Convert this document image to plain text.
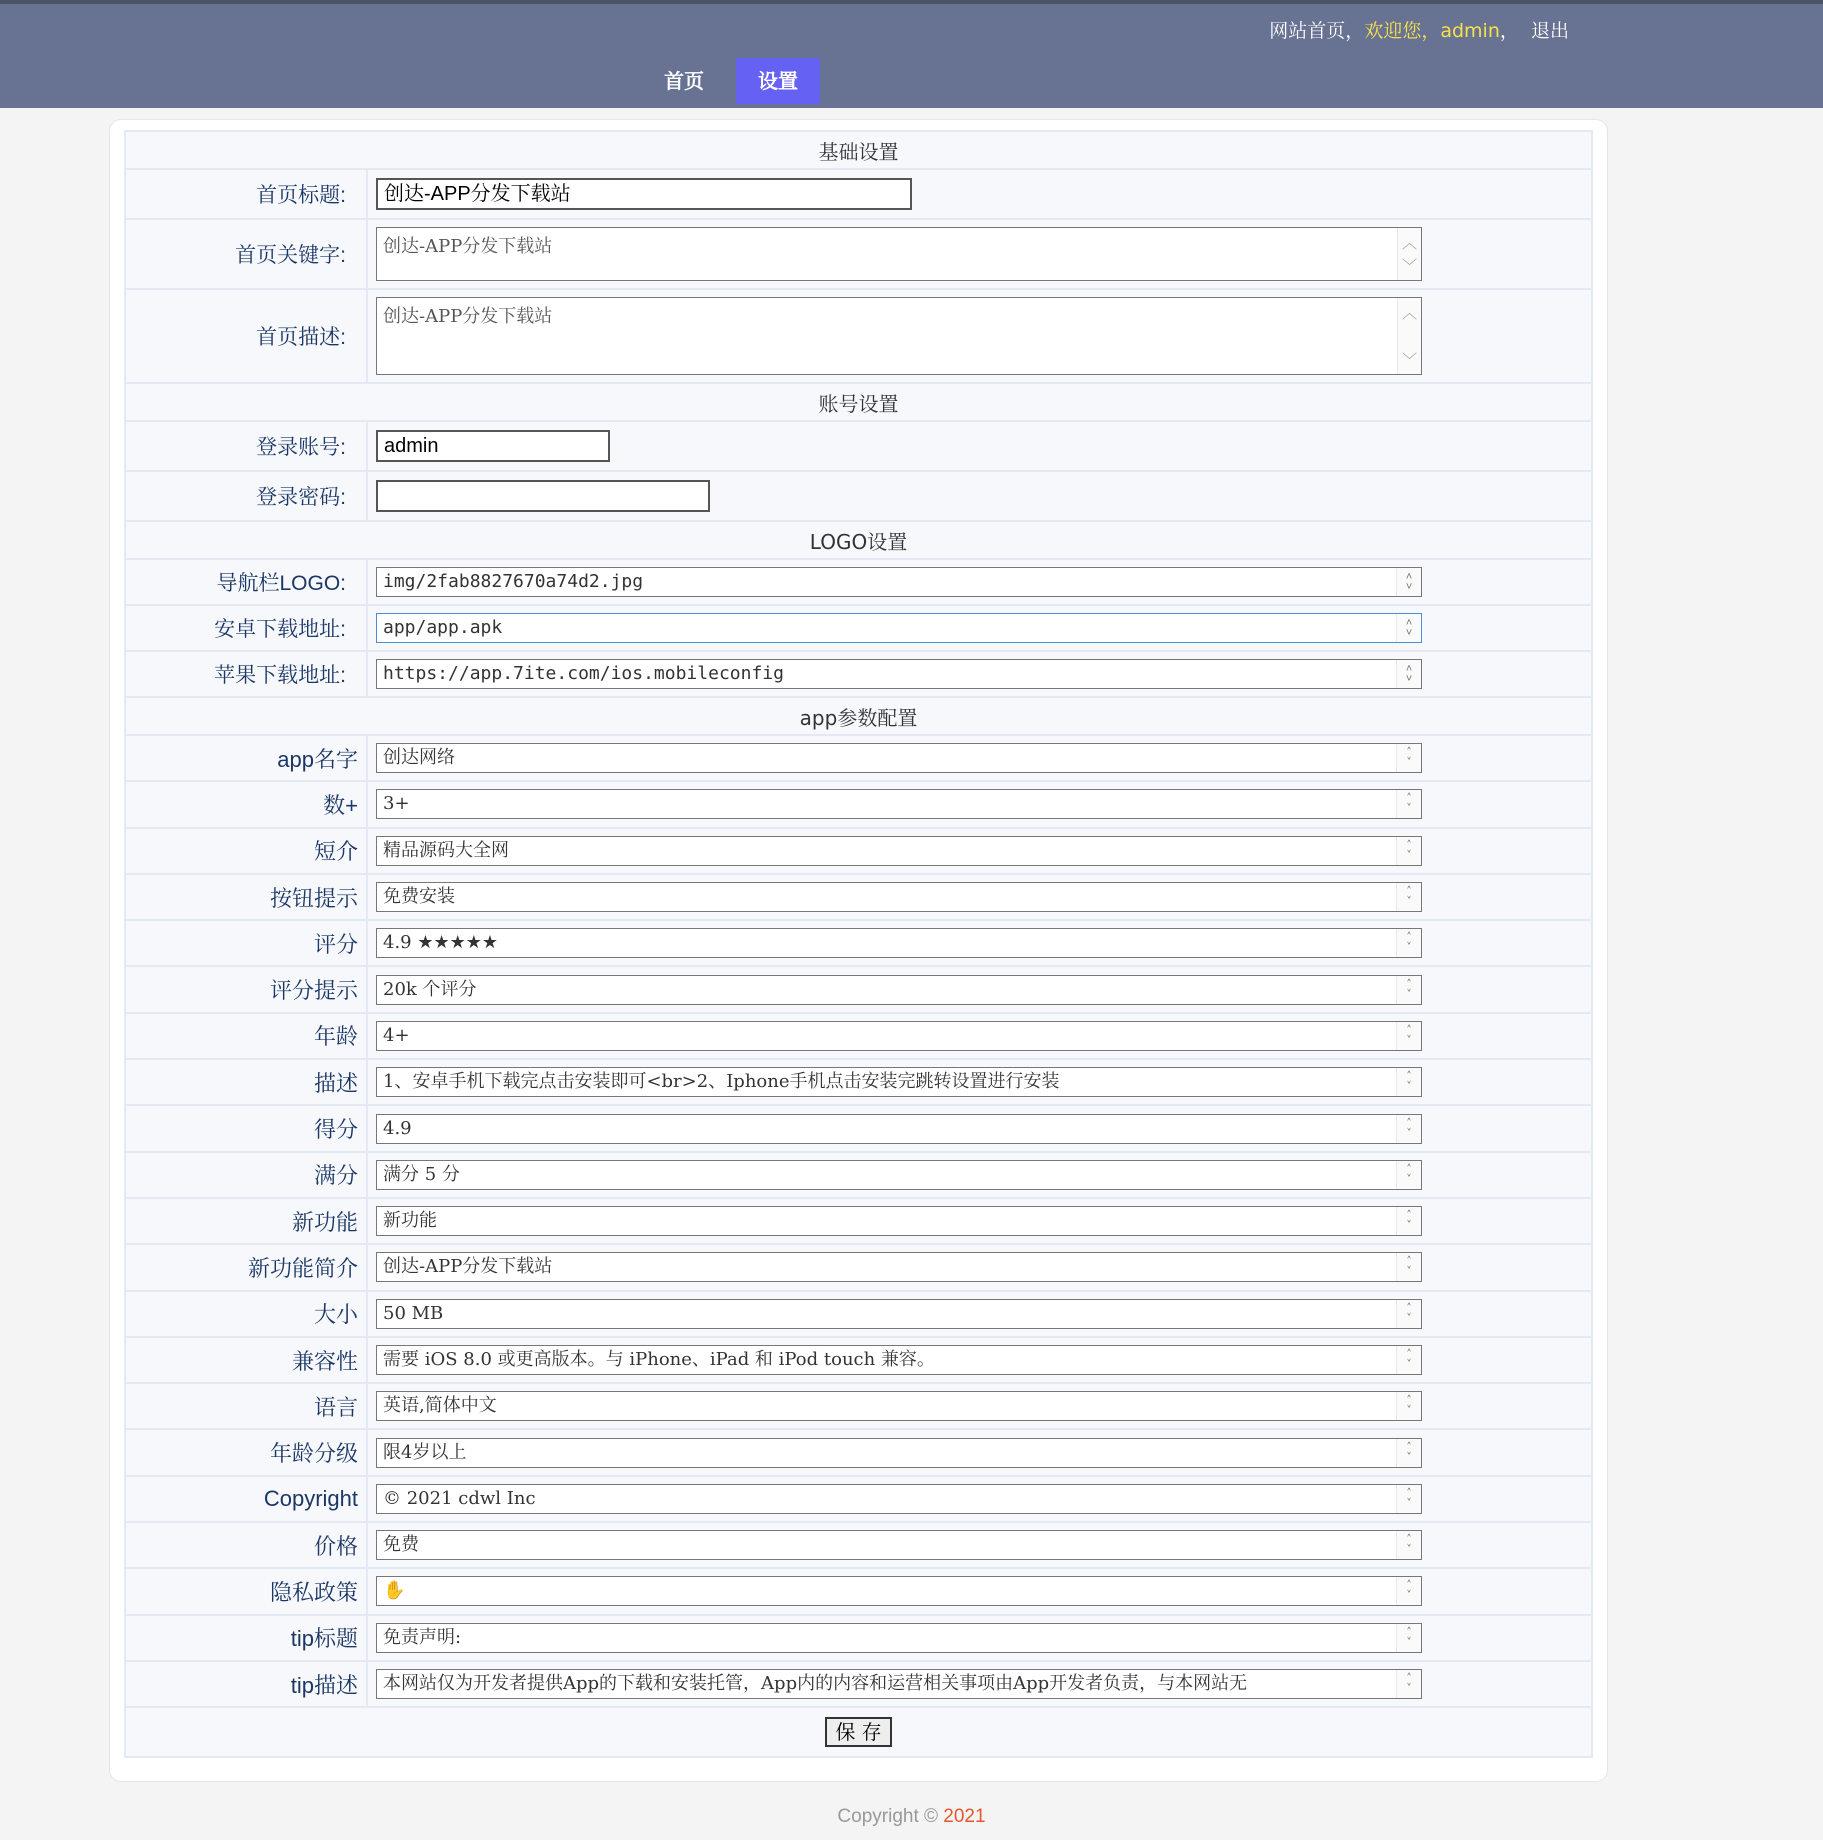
网站首页，欢迎您，admin， 退出
首页	设置
基础设置	
首页标题:	创达-APP分发下载站

首页关键字:	创达-APP分发下载站 ︿
﹀

首页描述:	创达-APP分发下载站 ︿
﹀

账号设置	
登录账号:	admin

登录密码:	

LOGO设置	
导航栏LOGO:	img/2fab8827670a74d2.jpg ˄
˅

安卓下载地址:	app/app.apk ˄
˅

苹果下载地址:	https://app.7ite.com/ios.mobileconfig ˄
˅

app参数配置	
app名字	创达网络 ˄
˅

数+	3+ ˄
˅

短介	精品源码大全网 ˄
˅

按钮提示	免费安装 ˄
˅

评分	4.9 ★★★★★ ˄
˅

评分提示	20k 个评分 ˄
˅

年龄	4+ ˄
˅

描述	1、安卓手机下载完点击安装即可<br>2、Iphone手机点击安装完跳转设置进行安装 ˄
˅

得分	4.9 ˄
˅

满分	满分 5 分 ˄
˅

新功能	新功能 ˄
˅

新功能简介	创达-APP分发下载站 ˄
˅

大小	50 MB ˄
˅

兼容性	需要 iOS 8.0 或更高版本。与 iPhone、iPad 和 iPod touch 兼容。 ˄
˅

语言	英语,简体中文 ˄
˅

年龄分级	限4岁以上 ˄
˅

Copyright	© 2021 cdwl Inc ˄
˅

价格	免费 ˄
˅

隐私政策	✋ ˄
˅

tip标题	免责声明: ˄
˅

tip描述	本网站仅为开发者提供App的下载和安装托管，App内的内容和运营相关事项由App开发者负责，与本网站无 ˄
˅

保 存	
Copyright © 2021
